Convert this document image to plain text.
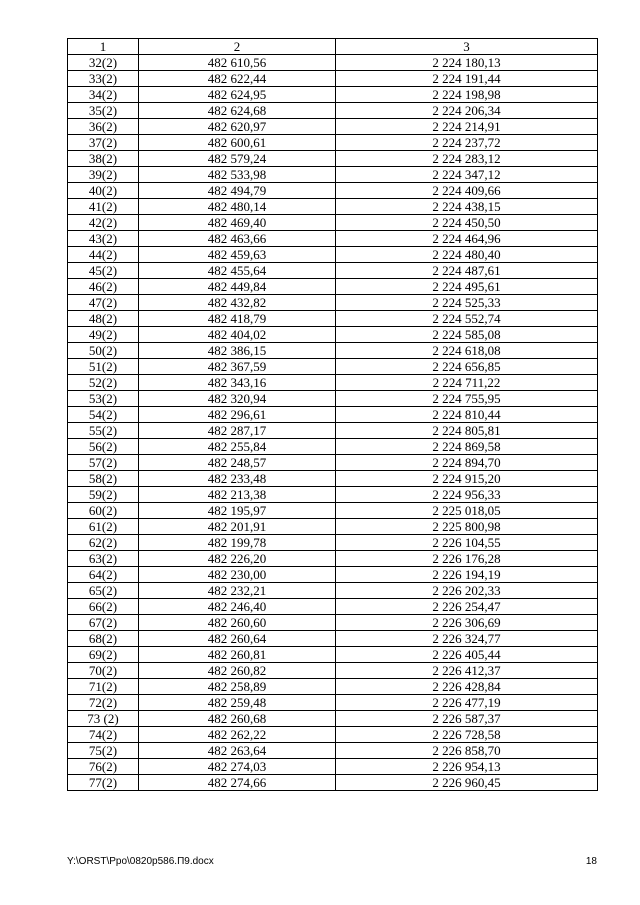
1	2	3
32(2)	482 610,56	2 224 180,13
33(2)	482 622,44	2 224 191,44
34(2)	482 624,95	2 224 198,98
35(2)	482 624,68	2 224 206,34
36(2)	482 620,97	2 224 214,91
37(2)	482 600,61	2 224 237,72
38(2)	482 579,24	2 224 283,12
39(2)	482 533,98	2 224 347,12
40(2)	482 494,79	2 224 409,66
41(2)	482 480,14	2 224 438,15
42(2)	482 469,40	2 224 450,50
43(2)	482 463,66	2 224 464,96
44(2)	482 459,63	2 224 480,40
45(2)	482 455,64	2 224 487,61
46(2)	482 449,84	2 224 495,61
47(2)	482 432,82	2 224 525,33
48(2)	482 418,79	2 224 552,74
49(2)	482 404,02	2 224 585,08
50(2)	482 386,15	2 224 618,08
51(2)	482 367,59	2 224 656,85
52(2)	482 343,16	2 224 711,22
53(2)	482 320,94	2 224 755,95
54(2)	482 296,61	2 224 810,44
55(2)	482 287,17	2 224 805,81
56(2)	482 255,84	2 224 869,58
57(2)	482 248,57	2 224 894,70
58(2)	482 233,48	2 224 915,20
59(2)	482 213,38	2 224 956,33
60(2)	482 195,97	2 225 018,05
61(2)	482 201,91	2 225 800,98
62(2)	482 199,78	2 226 104,55
63(2)	482 226,20	2 226 176,28
64(2)	482 230,00	2 226 194,19
65(2)	482 232,21	2 226 202,33
66(2)	482 246,40	2 226 254,47
67(2)	482 260,60	2 226 306,69
68(2)	482 260,64	2 226 324,77
69(2)	482 260,81	2 226 405,44
70(2)	482 260,82	2 226 412,37
71(2)	482 258,89	2 226 428,84
72(2)	482 259,48	2 226 477,19
73 (2)	482 260,68	2 226 587,37
74(2)	482 262,22	2 226 728,58
75(2)	482 263,64	2 226 858,70
76(2)	482 274,03	2 226 954,13
77(2)	482 274,66	2 226 960,45
Y:\ORST\Ppo\0820p586.П9.docx	18
